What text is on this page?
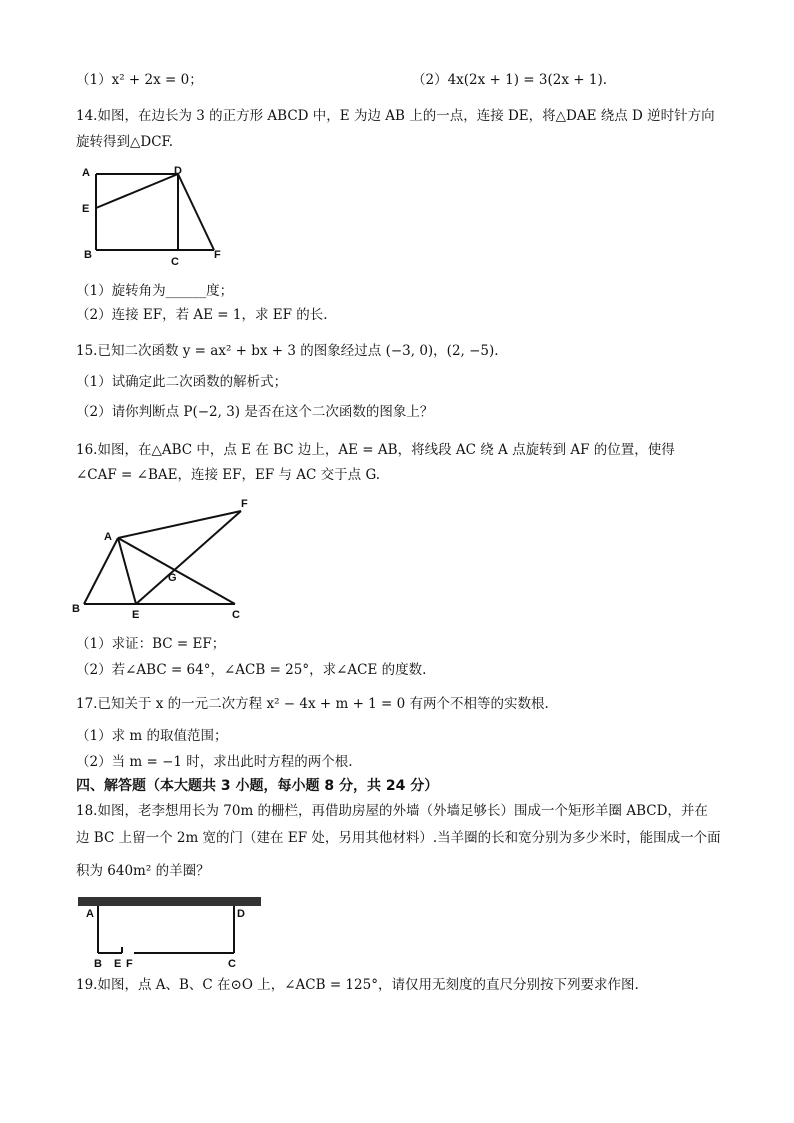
（1）x² + 2x = 0；	（2）4x(2x + 1) = 3(2x + 1).
14.如图，在边长为 3 的正方形 ABCD 中，E 为边 AB 上的一点，连接 DE，将△DAE 绕点 D 逆时针方向
旋转得到△DCF.
A	D
E
B
C
F
（1）旋转角为______度；
（2）连接 EF，若 AE = 1，求 EF 的长.
15.已知二次函数 y = ax² + bx + 3 的图象经过点 (−3, 0)，(2, −5).
（1）试确定此二次函数的解析式；
（2）请你判断点 P(−2, 3) 是否在这个二次函数的图象上？
16.如图，在△ABC 中，点 E 在 BC 边上，AE = AB，将线段 AC 绕 A 点旋转到 AF 的位置，使得
∠CAF = ∠BAE，连接 EF，EF 与 AC 交于点 G.
F
A
G
B	E	C
（1）求证：BC = EF；
（2）若∠ABC = 64°，∠ACB = 25°，求∠ACE 的度数.
17.已知关于 x 的一元二次方程 x² − 4x + m + 1 = 0 有两个不相等的实数根.
（1）求 m 的取值范围；
（2）当 m = −1 时，求出此时方程的两个根.
四、解答题（本大题共 3 小题，每小题 8 分，共 24 分）
18.如图，老李想用长为 70m 的栅栏，再借助房屋的外墙（外墙足够长）围成一个矩形羊圈 ABCD，并在
边 BC 上留一个 2m 宽的门（建在 EF 处，另用其他材料）.当羊圈的长和宽分别为多少米时，能围成一个面
积为 640m² 的羊圈？
A	D
B E F	C
19.如图，点 A、B、C 在⊙O 上，∠ACB = 125°，请仅用无刻度的直尺分别按下列要求作图.
